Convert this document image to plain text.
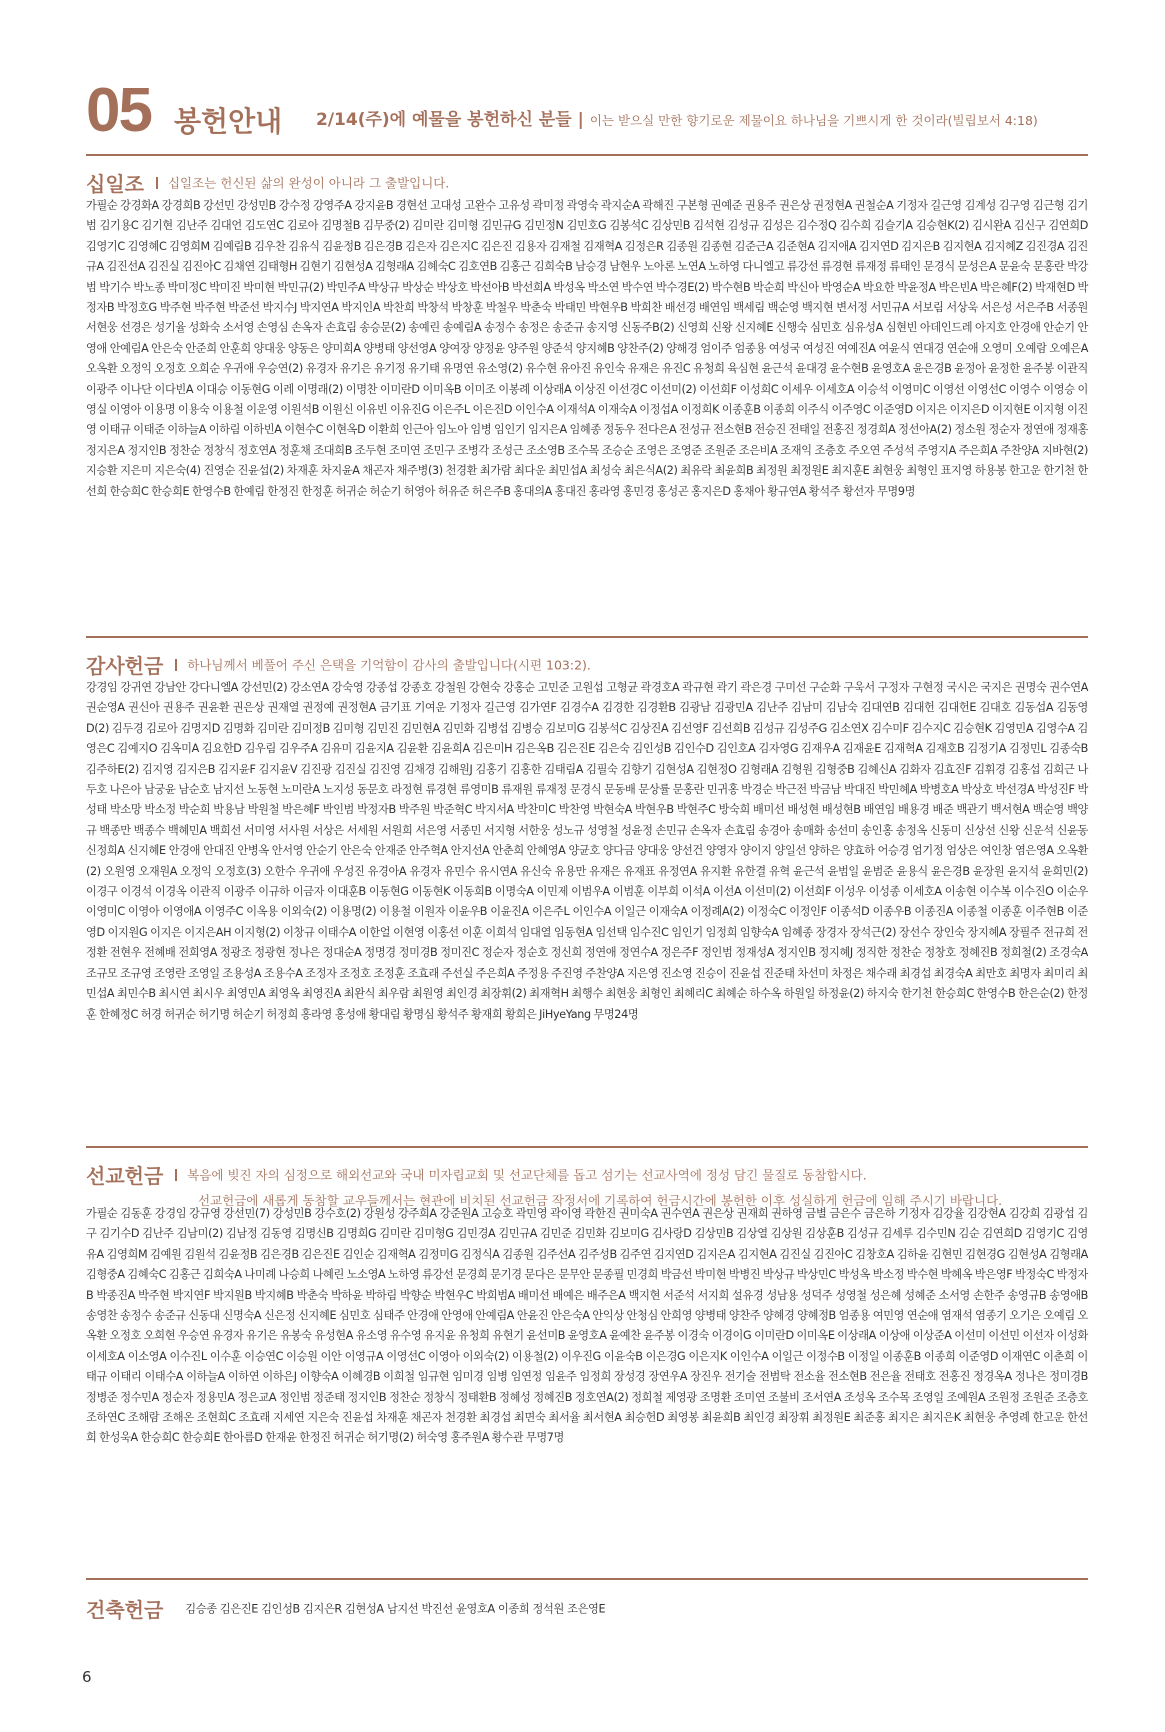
05 봉헌안내 2/14(주)에 예물을 봉헌하신 분들 | 이는 받으실 만한 향기로운 제물이요 하나님을 기쁘시게 한 것이라(빌립보서 4:18)
십일조 십일조는 헌신된 삶의 완성이 아니라 그 출발입니다.

가필순 강경화A 강경희B 강선민 강성민B 강수정 강영주A 강지윤B 경현선 고대성 고완수 고유성 곽미정 곽영숙 곽지순A 곽해진 구본형 권예준 권용주 권은상 권정현A 권철순A 기정자 길근영 김계성 김구영 김근형 김기범 김기용C 김기현 김난주 김대언 김도연C 김로아 김명철B 김무중(2) 김미란 김미형 김민규G 김민정N 김민호G 김봉석C 김상민B 김석현 김성규 김성은 김수정Q 김수희 김슬기A 김승현K(2) 김시완A 김신구 김연희D 김영기C 김영혜C 김영희M 김예림B 김우찬 김유식 김윤정B 김은경B 김은자 김은지C 김은진 김용자 김재철 김재혁A 김정은R 김종원 김종현 김준근A 김준현A 김지애A 김지연D 김지은B 김지현A 김지혜Z 김진경A 김진규A 김진선A 김진실 김진아C 김채연 김태형H 김현기 김현성A 김형래A 김혜숙C 김호연B 김홍근 김희숙B 남승경 남현우 노아론 노연A 노하영 다니엘고 류강선 류경현 류재정 류태인 문경식 문성은A 문윤숙 문홍란 박강범 박기수 박노종 박미정C 박미진 박미현 박민규(2) 박민주A 박상규 박상순 박상호 박선아B 박선희A 박성옥 박소연 박수연 박수경E(2) 박수현B 박순희 박신아 박영순A 박요한 박윤정A 박은빈A 박은혜F(2) 박재현D 박정자B 박정호G 박주현 박주현 박준선 박지수J 박지연A 박지인A 박찬희 박창석 박창훈 박철우 박춘숙 박태민 박현우B 박희찬 배선경 배연임 백세림 백순영 백지현 변서정 서민규A 서보림 서상욱 서은성 서은주B 서종원 서현웅 선경은 성기율 성화숙 소서영 손영심 손옥자 손효림 송승문(2) 송예린 송예림A 송정수 송정은 송준규 송지영 신동주B(2) 신영희 신왕 신지혜E 신행숙 심민호 심유성A 심현빈 아데인드레 아지호 안경애 안순기 안영애 안예림A 안은숙 안준희 안훈희 양대웅 양동은 양미희A 양병태 양선영A 양여장 양정윤 양주원 양준석 양지혜B 양찬주(2) 양해경 엄이주 엄종용 여성국 여성진 여예진A 여윤식 연대경 연순애 오영미 오예람 오예은A 오옥환 오정익 오정호 오희순 우귀애 우승연(2) 유경자 유기은 유기정 유기태 유명연 유소영(2) 유수현 유아진 유인숙 유재은 유진C 유청희 육심현 윤근석 윤대경 윤수현B 윤영호A 윤은경B 윤정아 윤정한 윤주봉 이관직 이광주 이나단 이다빈A 이대승 이동현G 이레 이명래(2) 이명찬 이미란D 이미옥B 이미조 이봉례 이상래A 이상진 이선경C 이선미(2) 이선희F 이성희C 이세우 이세호A 이승석 이영미C 이영선 이영선C 이영수 이영승 이영실 이영아 이용명 이용숙 이용철 이운영 이원석B 이원신 이유빈 이유진G 이은주L 이은진D 이인수A 이재석A 이재숙A 이정섭A 이정희K 이종훈B 이종희 이주식 이주영C 이준영D 이지은 이지은D 이지현E 이지형 이진영 이태규 이태준 이하늘A 이하림 이하빈A 이현수C 이현옥D 이환희 인근아 임노아 임병 임인기 임지은A 임혜종 정동우 전다은A 전성규 전소현B 전승진 전태일 전홍진 정경희A 정선아A(2) 정소원 정순자 정연애 정재홍 정지은A 정지인B 정찬순 정창식 정호연A 정훈채 조대희B 조두현 조미연 조민구 조병각 조성근 조소영B 조수목 조승순 조영은 조영준 조원준 조은비A 조재익 조층호 주오연 주성석 주영지A 주은희A 주찬양A 지바현(2) 지승환 지은미 지은숙(4) 진영순 진윤섭(2) 차재훈 차지윤A 채곤자 채주병(3) 천경환 최가람 최다운 최민섭A 최성숙 최은식A(2) 최유락 최윤희B 최정원 최정원E 최지훈E 최현웅 최형인 표지영 하용봉 한고운 한기천 한선희 한승희C 한승희E 한영수B 한예림 한정진 한정훈 허귀순 허순기 허영아 허유준 허은주B 홍대의A 홍대진 홍라영 홍민경 홍성곤 홍지은D 홍채아 황규연A 황석주 황선자 무명9명

감사헌금 하나님께서 베풀어 주신 은택을 기억함이 감사의 출발입니다(시편 103:2).

강경임 강귀연 강남안 강다니엘A 강선민(2) 강소연A 강숙영 강종섭 강종호 강철원 강현숙 강홍순 고민준 고원섭 고형균 곽경호A 곽규현 곽기 곽은경 구미선 구순화 구욱서 구정자 구현정 국시은 국지은 권명숙 권수연A 권순영A 권신아 권용주 권윤환 권은상 권재열 권정예 권정현A 금기표 기여운 기정자 길근영 김가연F 김경수A 김경한 김경환B 김광남 김광민A 김난주 김남미 김남숙 김대연B 김대헌 김대헌E 김대호 김동섭A 김동영D(2) 김두경 김로아 김명지D 김명화 김미란 김미정B 김미형 김민진 김민현A 김민화 김병섭 김병승 김보미G 김봉석C 김상진A 김선영F 김선희B 김성규 김성주G 김소연X 김수미F 김수지C 김승현K 김영민A 김영수A 김영은C 김예지O 김옥미A 김요한D 김우림 김우주A 김유미 김윤지A 김윤환 김윤희A 김은미H 김은옥B 김은진E 김은숙 김인성B 김인수D 김인호A 김자영G 김재우A 김재윤E 김재혁A 김재호B 김정기A 김정민L 김종숙B 김주하E(2) 김지영 김지은B 김지윤F 김지윤V 김진광 김진실 김진영 김채경 김해원J 김홍기 김홍한 김태림A 김필숙 김향기 김현성A 김현정O 김형래A 김형원 김형중B 김혜신A 김화자 김효진F 김휘경 김홍섭 김희근 나두호 나은아 남궁윤 남순호 남지선 노동현 노미란A 노지성 동문호 라정현 류경현 류영미B 류재원 류재정 문경식 문동배 문상률 문홍란 민귀홍 박경순 박근전 박금남 박대진 박민혜A 박병호A 박상호 박선경A 박성진F 박성태 박소망 박소정 박순희 박용남 박원철 박은혜F 박인범 박정자B 박주원 박준혁C 박지서A 박찬미C 박찬영 박현숙A 박현우B 박현주C 방숙희 배미선 배성현 배성현B 배연임 배용경 배준 백관기 백서현A 백순영 백양규 백종만 백종수 백혜민A 백희선 서미영 서사원 서상은 서세원 서원희 서은영 서종민 서지형 서한웅 성노규 성영철 성윤정 손민규 손옥자 손효림 송경아 송매화 송선미 송인홍 송정옥 신동미 신상선 신왕 신운석 신윤동 신정희A 신지혜E 안경애 안대진 안병옥 안서영 안순기 안은숙 안재준 안주혁A 안지선A 안춘희 안혜영A 양균호 양다금 양대웅 양선건 양영자 양이지 양일선 양하은 양효하 어승경 엄기정 엄상은 여인창 염은영A 오옥환(2) 오원영 오재원A 오정익 오정호(3) 오한수 우귀애 우성진 유경아A 유경자 유민수 유시연A 유신숙 유용만 유재은 유재표 유정연A 유지환 유한결 유혁 윤근석 윤범일 윤범준 윤용식 윤은경B 윤장원 윤지석 윤희민(2) 이경구 이경석 이경옥 이관직 이광주 이규하 이금자 이대훈B 이동현G 이동현K 이동희B 이명숙A 이민제 이범우A 이범훈 이부희 이석A 이선A 이선미(2) 이선희F 이성우 이성종 이세호A 이송현 이수복 이수진O 이순우 이영미C 이영아 이영애A 이영주C 이옥용 이외숙(2) 이용명(2) 이용철 이원자 이윤우B 이윤진A 이은주L 이인수A 이일근 이재숙A 이정례A(2) 이정숙C 이정인F 이종석D 이종우B 이종진A 이종철 이종훈 이주현B 이준영D 이지원G 이지은 이지은AH 이지형(2) 이창규 이태수A 이한얼 이현영 이홍선 이훈 이희석 임대열 임동현A 임선택 임수진C 임인기 임정희 임향숙A 임혜종 장경자 장석근(2) 장선수 장인숙 장지혜A 장필주 전규희 전정환 전현우 전혜배 전희영A 정광조 정광현 정나은 정대순A 정명경 정미경B 정미진C 정순자 정순호 정신희 정연애 정연수A 정은주F 정인범 정재성A 정지인B 정지혜J 정직한 정찬순 정창호 정혜진B 정희철(2) 조경숙A 조규모 조규영 조영란 조영일 조용성A 조용수A 조정자 조정호 조정훈 조효래 주선실 주은희A 주정용 주진영 주찬양A 지은영 진소영 진승이 진윤섭 진준태 차선미 차정은 채수래 최경섭 최경숙A 최만호 최명자 최미리 최민섭A 최민수B 최시연 최시우 최영민A 최영옥 최영진A 최완식 최우람 최원영 최인경 최장휘(2) 최재혁H 최행수 최현웅 최형인 최혜리C 최혜순 하수옥 하원일 하정윤(2) 하지숙 한기천 한승희C 한영수B 한은순(2) 한정훈 한혜정C 허경 허귀순 허기명 허순기 허정희 홍라영 홍성애 황대림 황명심 황석주 황재희 황희은 JiHyeYang 무명24명

선교헌금 복음에 빚진 자의 심정으로 해외선교와 국내 미자립교회 및 선교단체를 돕고 섬기는 선교사역에 정성 담긴 물질로 동참합시다.
선교헌금에 새롭게 동참할 교우들께서는 현관에 비치된 선교헌금 작정서에 기록하여 헌금시간에 봉헌한 이후 성실하게 헌금에 임해 주시기 바랍니다.

가필순 김동훈 강경임 강규영 강선민(7) 강성민B 강수호(2) 강원성 강주희A 강준원A 고승호 곽민영 곽이영 곽한진 권미숙A 권수연A 권은상 권재희 권하영 금별 금은수 금은하 기정자 김강율 김강현A 김강희 김광섭 김구 김기수D 김난주 김남미(2) 김남정 김동영 김명신B 김명희G 김미란 김미형G 김민경A 김민규A 김민준 김민화 김보미G 김사랑D 김상민B 김상열 김상원 김상훈B 김성규 김세루 김수민N 김순 김연희D 김영기C 김영유A 김영희M 김예원 김원석 김윤정B 김은경B 김은진E 김인순 김재혁A 김정미G 김정식A 김종원 김주선A 김주성B 김주연 김지연D 김지은A 김지현A 김진실 김진아C 김창호A 김하윤 김현민 김현경G 김현성A 김형래A 김형중A 김혜숙C 김홍근 김희숙A 나미례 나승희 나혜린 노소영A 노하영 류강선 문경희 문기경 문다은 문무안 문종필 민경희 박금선 박미현 박병진 박상규 박상민C 박성옥 박소정 박수현 박혜옥 박은영F 박정숙C 박정자B 박종진A 박주현 박지연F 박지원B 박지혜B 박춘숙 박하윤 박하림 박향순 박현우C 박희범A 배미선 배예은 배주은A 백지현 서준석 서지희 설유경 성남용 성덕주 성영철 성은혜 성혜준 소서영 손한주 송영규B 송영애B 송영찬 송정수 송준규 신동대 신명숙A 신은정 신지혜E 심민호 심태주 안경애 안영애 안예림A 안윤진 안은숙A 안익상 안청심 안희영 양병태 양찬주 양혜경 양혜정B 엄종용 여민영 연순애 염재석 염종기 오기은 오예림 오옥환 오정호 오희현 우승연 유경자 유기은 유봉숙 유성현A 유소영 유수영 유지윤 유청희 유현기 윤선미B 윤영호A 윤예찬 윤주봉 이경숙 이경이G 이미란D 이미옥E 이상래A 이상애 이상준A 이선미 이선민 이선자 이성화 이세호A 이소영A 이수진L 이수훈 이승연C 이승원 이안 이영규A 이영선C 이영아 이외숙(2) 이용철(2) 이우진G 이윤숙B 이은경G 이은지K 이인수A 이일근 이정수B 이정일 이종훈B 이종희 이준영D 이재연C 이춘희 이태규 이태리 이태수A 이하늘A 이하연 이하은J 이향숙A 이혜경B 이희철 임규현 임미경 임병 임연정 임윤주 임정희 장성경 장연우A 장진우 전기술 전범탁 전소율 전소현B 전은율 전태호 전홍진 정경옥A 정나은 정미경B 정병준 정수민A 정순자 정용민A 정은교A 정인범 정준태 정지인B 정찬순 정창식 정태환B 정혜성 정혜진B 정호연A(2) 정희철 제영광 조명환 조미연 조불비 조서연A 조성옥 조수목 조영일 조예원A 조원정 조원준 조층호 조하연C 조해람 조해온 조현희C 조효래 지세연 지은숙 진윤섭 차재훈 채곤자 천경환 최경섭 최면숙 최서율 최서현A 최승헌D 최영봉 최윤희B 최인경 최장휘 최정원E 최준홍 최지은 최지은K 최현웅 추영례 한고운 한선희 한성욱A 한승희C 한승희E 한아름D 한재윤 한정진 허귀순 허기명(2) 허숙영 홍주원A 황수관 무명7명

건축헌금 김승종 김은진E 김인성B 김지은R 김현성A 남지선 박진선 윤영호A 이종희 정석원 조은영E
6
